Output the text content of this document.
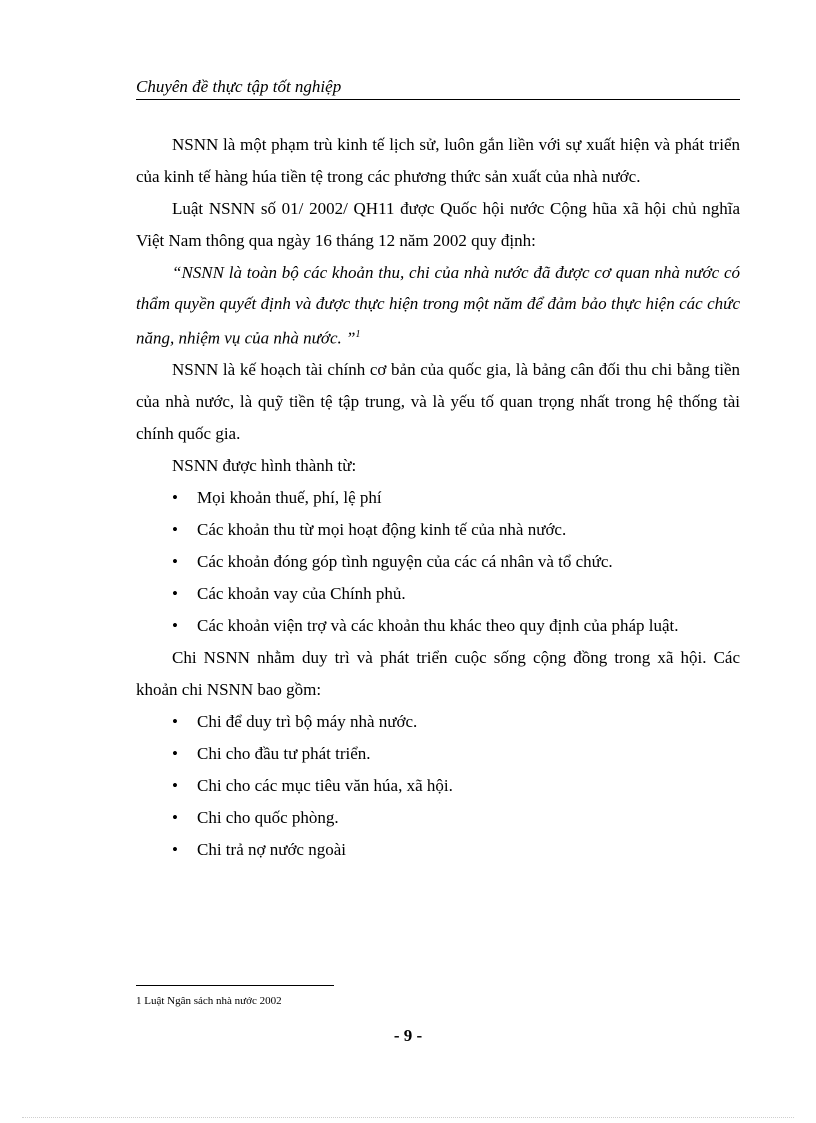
Chuyên đề thực tập tốt nghiệp

NSNN là một phạm trù kinh tế lịch sử, luôn gắn liền với sự xuất hiện và phát triển của kinh tế hàng húa tiền tệ trong các phương thức sản xuất của nhà nước.

Luật NSNN số 01/ 2002/ QH11 được Quốc hội nước Cộng hũa xã hội chủ nghĩa Việt Nam thông qua ngày 16 tháng 12 năm 2002 quy định:

“NSNN là toàn bộ các khoản thu, chi của nhà nước đã được cơ quan nhà nước có thẩm quyền quyết định và được thực hiện trong một năm để đảm bảo thực hiện các chức năng, nhiệm vụ của nhà nước. ”$^1$

NSNN là kế hoạch tài chính cơ bản của quốc gia, là bảng cân đối thu chi bằng tiền của nhà nước, là quỹ tiền tệ tập trung, và là yếu tố quan trọng nhất trong hệ thống tài chính quốc gia.

NSNN được hình thành từ:

•	Mọi khoản thuế, phí, lệ phí
•	Các khoản thu từ mọi hoạt động kinh tế của nhà nước.
•	Các khoản đóng góp tình nguyện của các cá nhân và tổ chức.
•	Các khoản vay của Chính phủ.
•	Các khoản viện trợ và các khoản thu khác theo quy định của pháp luật.

Chi NSNN nhằm duy trì và phát triển cuộc sống cộng đồng trong xã hội. Các khoản chi NSNN bao gồm:

•	Chi để duy trì bộ máy nhà nước.
•	Chi cho đầu tư phát triển.
•	Chi cho các mục tiêu văn húa, xã hội.
•	Chi cho quốc phòng.
•	Chi trả nợ nước ngoài
1 Luật Ngân sách nhà nước 2002
- 9 -
